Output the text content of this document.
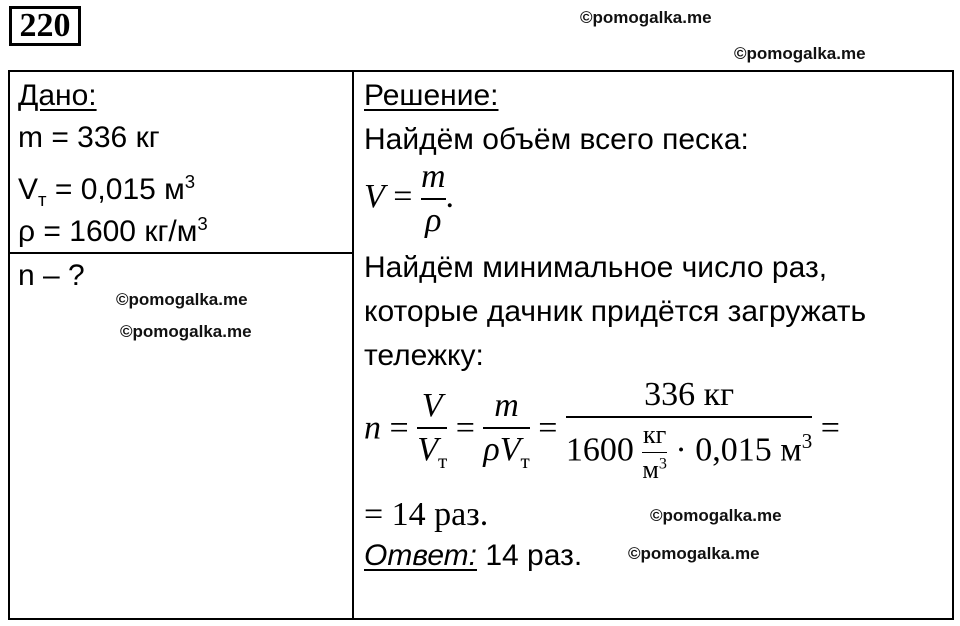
220	©pomogalka.me
©pomogalka.me
Дано:
m = 336 кг
$V_т = 0,015$ $м^3$
ρ = 1600 $кг/м^3$
n – ?
©pomogalka.me
©pomogalka.me
Решение:
Найдём объём всего песка:
$V = \frac{m}{\rho}$ .
Найдём минимальное число раз,
которые дачник придётся загружать
тележку:
$n = \frac{V}{V_т} = \frac{m}{\rho V_т} = \frac{336 кг}{1600 \frac{кг}{м^3} \cdot 0,015 м^3}$ =
= 14 раз.	©pomogalka.me
Ответ: 14 раз.	©pomogalka.me
